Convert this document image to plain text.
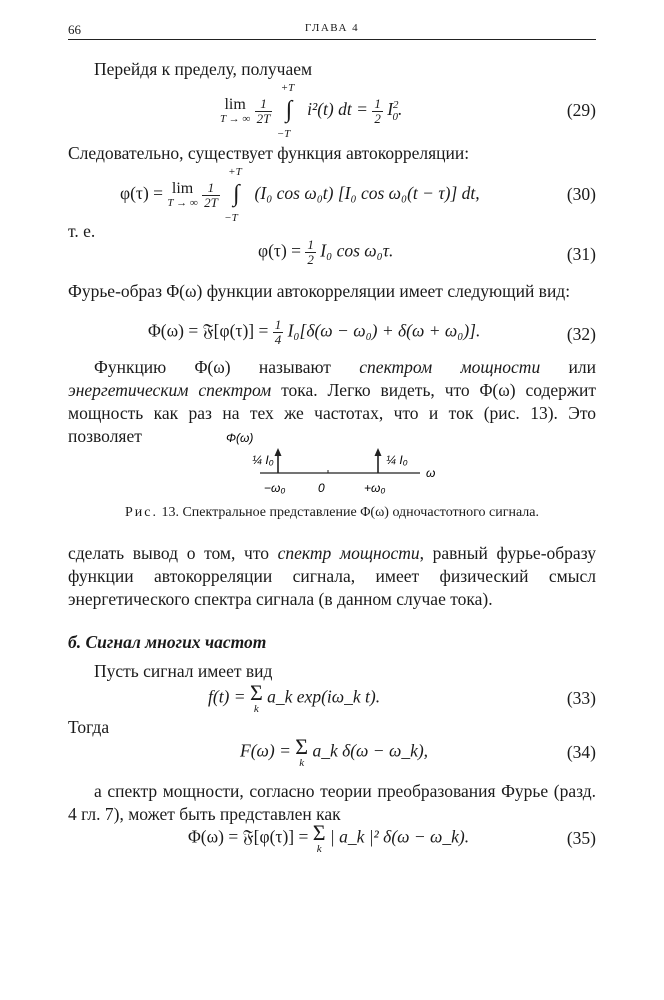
66	ГЛАВА 4
Перейдя к пределу, получаем
lim
T → ∞
$\frac{1}{2T}$

+T
∫
−T
i²(t) dt = $\frac{1}{2} I^2_0$.	(29)
Следовательно, существует функция автокорреляции:
φ(τ) = lim
T → ∞
$\frac{1}{2T}$

+T
∫
−T
(I₀ cos ω₀t) [I₀ cos ω₀(t − τ)] dt,	(30)
т. е.
$\varphi(\tau) = \frac{1}{2} I_0$ cos ω₀τ.	(31)
Фурье-образ Φ(ω) функции автокорреляции имеет следующий вид:
Φ(ω) = 𝔉[φ(τ)] = $\frac{1}{4} I_0[\delta(\omega - \omega_0) + \delta(\omega + \omega_0)]$.	(32)
Функцию Φ(ω) называют спектром мощности или энергетическим спектром тока. Легко видеть, что Φ(ω) содержит мощность как раз на тех же частотах, что и ток (рис. 13). Это позволяет	Φ(ω)
ω
¼ I₀	¼ I₀
−ω₀	0	+ω₀
Рис. 13. Спектральное представление Φ(ω) одночастотного сигнала.
сделать вывод о том, что спектр мощности, равный фурье-образу функции автокорреляции сигнала, имеет физический смысл энергетического спектра сигнала (в данном случае тока).
б. Сигнал многих частот
Пусть сигнал имеет вид
f(t) = Σ
k
a_k exp(iω_k t).	(33)
Тогда
F(ω) = Σ
k
a_k δ(ω − ω_k),	(34)
а спектр мощности, согласно теории преобразования Фурье (разд. 4 гл. 7), может быть представлен как
Φ(ω) = 𝔉[φ(τ)] = Σ
k
| a_k |² δ(ω − ω_k).	(35)
